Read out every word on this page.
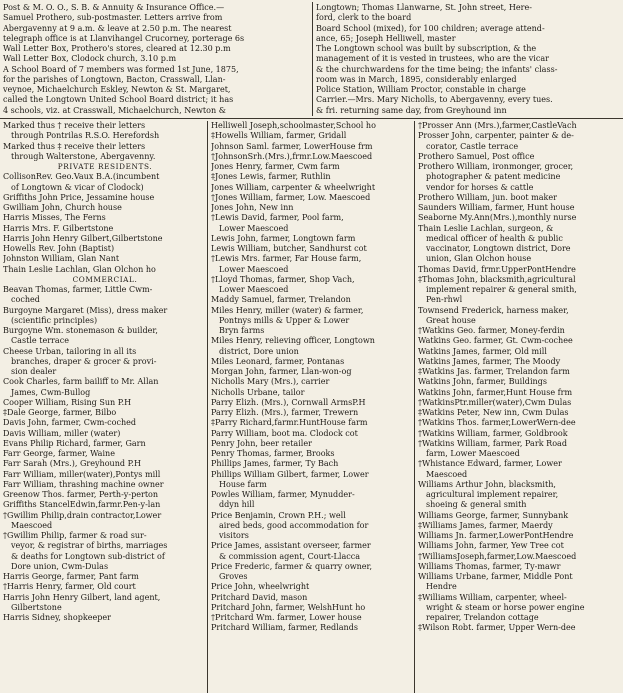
Post & M. O. O., S. B. & Annuity & Insurance Office.—
Samuel Prothero, sub-postmaster. Letters arrive from
Abergavenny at 9 a.m. & leave at 2.50 p.m. The nearest
telegraph office is at Llanvihangel Crucorney, porterage 6s
Wall Letter Box, Prothero's stores, cleared at 12.30 p.m
Wall Letter Box, Clodock church, 3.10 p.m
A School Board of 7 members was formed 1st June, 1875,
for the parishes of Longtown, Bacton, Crasswall, Llan-
veynoe, Michaelchurch Eskley, Newton & St. Margaret,
called the Longtown United School Board district; it has
4 schools, viz. at Crasswall, Michaelchurch, Newton &
Longtown; Thomas Llanwarne, St. John street, Here-
ford, clerk to the board
Board School (mixed), for 100 children; average attend-
ance, 65; Joseph Helliwell, master
The Longtown school was built by subscription, & the
management of it is vested in trustees, who are the vicar
& the churchwardens for the time being; the infants' class-
room was in March, 1895, considerably enlarged
Police Station, William Proctor, constable in charge
Carrier.—Mrs. Mary Nicholls, to Abergavenny, every tues.
& fri. returning same day, from Greyhound inn
Marked thus † receive their letters
through Pontrilas R.S.O. Herefordsh
Marked thus ‡ receive their letters
through Walterstone, Abergavenny.
PRIVATE RESIDENTS.
CollisonRev. Geo.Vaux B.A.(incumbent
of Longtown & vicar of Clodock)
Griffiths John Price, Jessamine house
Gwilliam John, Church house
Harris Misses, The Ferns
Harris Mrs. F. Gilbertstone
Harris John Henry Gilbert,Gilbertstone
Howells Rev. John (Baptist)
Johnston William, Glan Nant
Thain Leslie Lachlan, Glan Olchon ho
COMMERCIAL.
Beavan Thomas, farmer, Little Cwm-
coched
Burgoyne Margaret (Miss), dress maker
(scientific principles)
Burgoyne Wm. stonemason & builder,
Castle terrace
Cheese Urban, tailoring in all its
branches, draper & grocer & provi-
sion dealer
Cook Charles, farm bailiff to Mr. Allan
James, Cwm-Bullog
Cooper William, Rising Sun P.H
‡Dale George, farmer, Bilbo
Davis John, farmer, Cwm-coched
Davis William, miller (water)
Evans Philip Richard, farmer, Garn
Farr George, farmer, Waine
Farr Sarah (Mrs.), Greyhound P.H
Farr William, miller(water),Pontys mill
Farr William, thrashing machine owner
Greenow Thos. farmer, Perth-y-perton
Griffiths StancelEdwin,farmr.Pen-y-lan
†Gwillim Philip,drain contractor,Lower
Maescoed
†Gwillim Philip, farmer & road sur-
veyor, & registrar of births, marriages
& deaths for Longtown sub-district of
Dore union, Cwm-Dulas
Harris George, farmer, Pant farm
†Harris Henry, farmer, Old court
Harris John Henry Gilbert, land agent,
Gilbertstone
Harris Sidney, shopkeeper
Helliwell Joseph,schoolmaster,School ho
‡Howells William, farmer, Gridall
Johnson Saml. farmer, LowerHouse frm
†JohnsonSrh.(Mrs.),frmr.Low.Maescoed
Jones Henry, farmer, Cwm farm
‡Jones Lewis, farmer, Ruthlin
Jones William, carpenter & wheelwright
†Jones William, farmer, Low. Maescoed
Jones John, New inn
†Lewis David, farmer, Pool farm,
Lower Maescoed
Lewis John, farmer, Longtown farm
Lewis William, butcher, Sandhurst cot
†Lewis Mrs. farmer, Far House farm,
Lower Maescoed
†Lloyd Thomas, farmer, Shop Vach,
Lower Maescoed
Maddy Samuel, farmer, Trelandon
Miles Henry, miller (water) & farmer,
Pontnys mills & Upper & Lower
Bryn farms
Miles Henry, relieving officer, Longtown
district, Dore union
Miles Leonard, farmer, Pontanas
Morgan John, farmer, Llan-won-og
Nicholls Mary (Mrs.), carrier
Nicholls Urbane, tailor
Parry Elizh. (Mrs.), Cornwall ArmsP.H
Parry Elizh. (Mrs.), farmer, Trewern
‡Parry Richard,farmr.HuntHouse farm
Parry William, boot ma. Clodock cot
Penry John, beer retailer
Penry Thomas, farmer, Brooks
Phillips James, farmer, Ty Bach
Phillips William Gilbert, farmer, Lower
House farm
Powles William, farmer, Mynudder-
ddyn hill
Price Benjamin, Crown P.H.; well
aired beds, good accommodation for
visitors
Price James, assistant overseer, farmer
& commission agent, Court-Llacca
Price Frederic, farmer & quarry owner,
Groves
Price John, wheelwright
Pritchard David, mason
Pritchard John, farmer, WelshHunt ho
†Pritchard Wm. farmer, Lower house
Pritchard William, farmer, Redlands
†Prosser Ann (Mrs.),farmer,CastleVach
Prosser John, carpenter, painter & de-
corator, Castle terrace
Prothero Samuel, Post office
Prothero William, ironmonger, grocer,
photographer & patent medicine
vendor for horses & cattle
Prothero William, jun. boot maker
Saunders William, farmer, Hunt house
Seaborne My.Ann(Mrs.),monthly nurse
Thain Leslie Lachlan, surgeon, &
medical officer of health & public
vaccinator, Longtown district, Dore
union, Glan Olchon house
Thomas David, frmr.UpperPontHendre
‡Thomas John, blacksmith,agricultural
implement repairer & general smith,
Pen-rhwl
Townsend Frederick, harness maker,
Great house
†Watkins Geo. farmer, Money-ferdin
Watkins Geo. farmer, Gt. Cwm-cochee
Watkins James, farmer, Old mill
Watkins James, farmer, The Moody
‡Watkins Jas. farmer, Trelandon farm
Watkins John, farmer, Buildings
Watkins John, farmer,Hunt House frm
†WatkinsPtr.miller(water),Cwm Dulas
‡Watkins Peter, New inn, Cwm Dulas
†Watkins Thos. farmer,LowerWern-dee
†Watkins William, farmer, Goldbrook
†Watkins William, farmer, Park Road
farm, Lower Maescoed
†Whistance Edward, farmer, Lower
Maescoed
Williams Arthur John, blacksmith,
agricultural implement repairer,
shoeing & general smith
Williams George, farmer, Sunnybank
‡Williams James, farmer, Maerdy
Williams Jn. farmer,LowerPontHendre
Williams John, farmer, Yew Tree cot
†WilliamsJoseph,farmer,Low.Maescoed
Williams Thomas, farmer, Ty-mawr
Williams Urbane, farmer, Middle Pont
Hendre
‡Williams William, carpenter, wheel-
wright & steam or horse power engine
repairer, Trelandon cottage
‡Wilson Robt. farmer, Upper Wern-dee
